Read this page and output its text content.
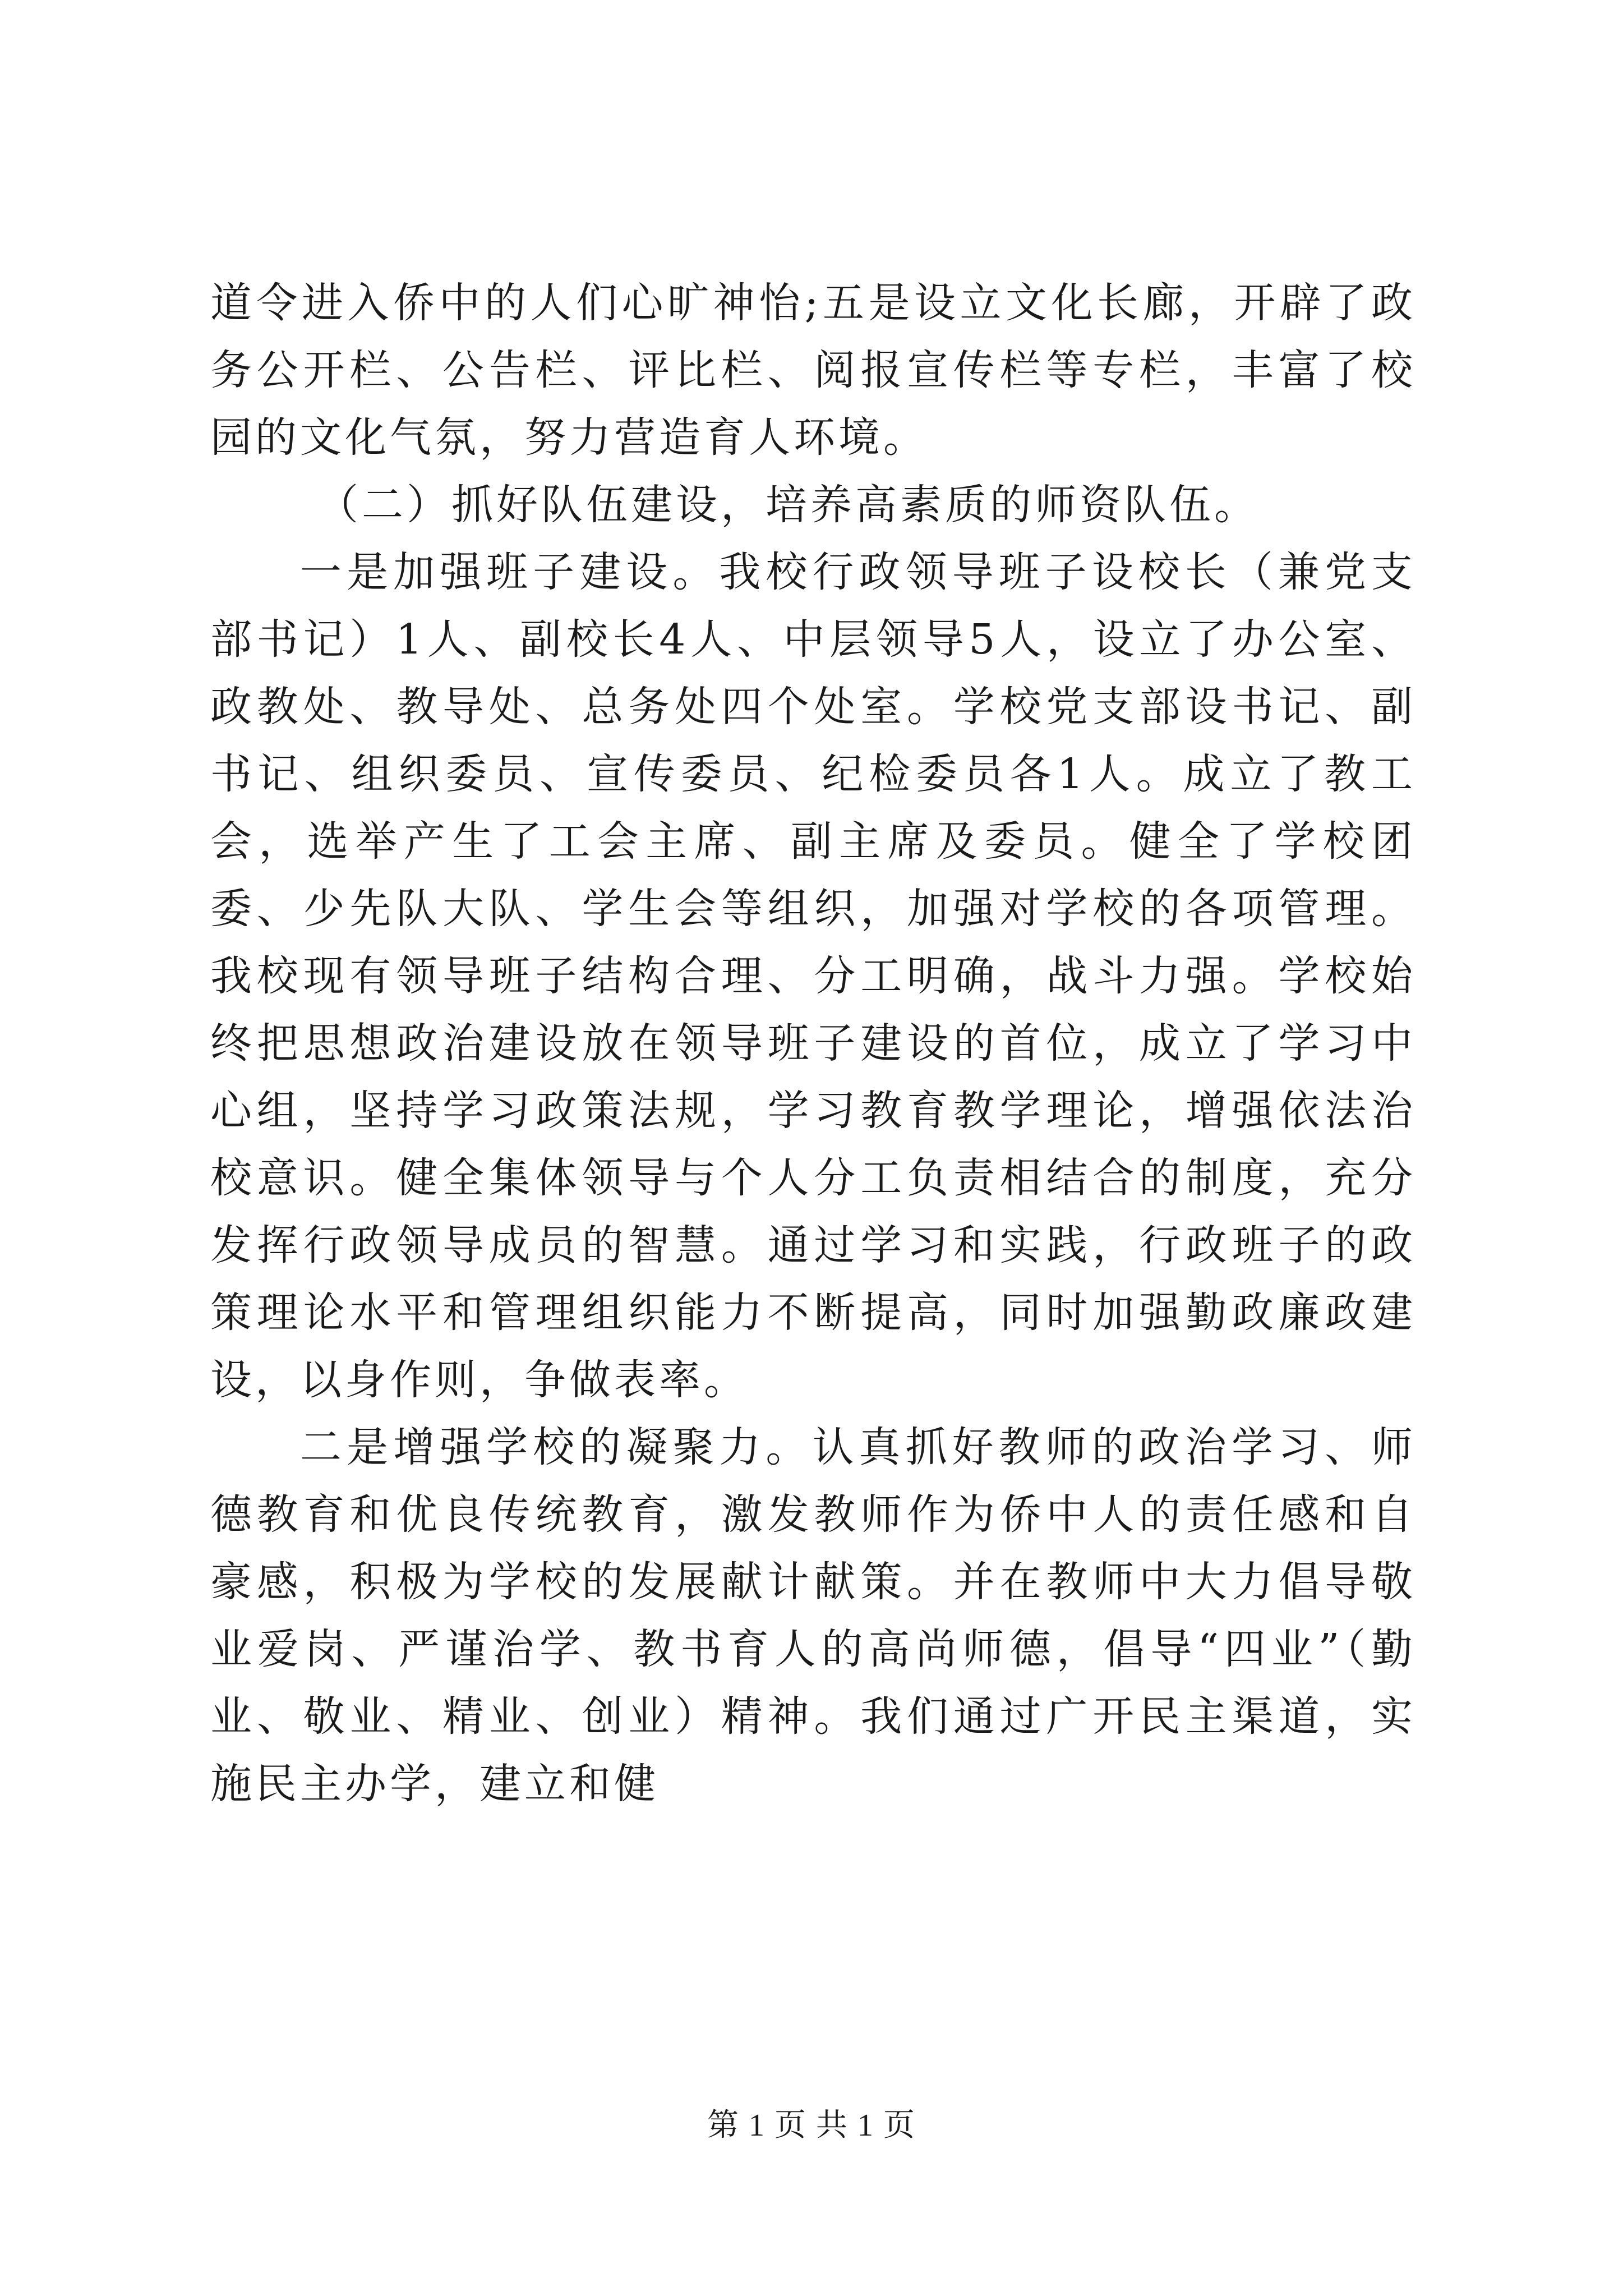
道令进入侨中的人们心旷神怡;五是设立文化长廊，开辟了政务公开栏、公告栏、评比栏、阅报宣传栏等专栏，丰富了校园的文化气氛，努力营造育人环境。

（二）抓好队伍建设，培养高素质的师资队伍。

一是加强班子建设。我校行政领导班子设校长（兼党支部书记）1人、副校长4人、中层领导5人，设立了办公室、政教处、教导处、总务处四个处室。学校党支部设书记、副书记、组织委员、宣传委员、纪检委员各1人。成立了教工会，选举产生了工会主席、副主席及委员。健全了学校团委、少先队大队、学生会等组织，加强对学校的各项管理。我校现有领导班子结构合理、分工明确，战斗力强。学校始终把思想政治建设放在领导班子建设的首位，成立了学习中心组，坚持学习政策法规，学习教育教学理论，增强依法治校意识。健全集体领导与个人分工负责相结合的制度，充分发挥行政领导成员的智慧。通过学习和实践，行政班子的政策理论水平和管理组织能力不断提高，同时加强勤政廉政建设，以身作则，争做表率。

二是增强学校的凝聚力。认真抓好教师的政治学习、师德教育和优良传统教育，激发教师作为侨中人的责任感和自豪感，积极为学校的发展献计献策。并在教师中大力倡导敬业爱岗、严谨治学、教书育人的高尚师德，倡导“四业”（勤业、敬业、精业、创业）精神。我们通过广开民主渠道，实施民主办学，建立和健

第 1 页 共 1 页
